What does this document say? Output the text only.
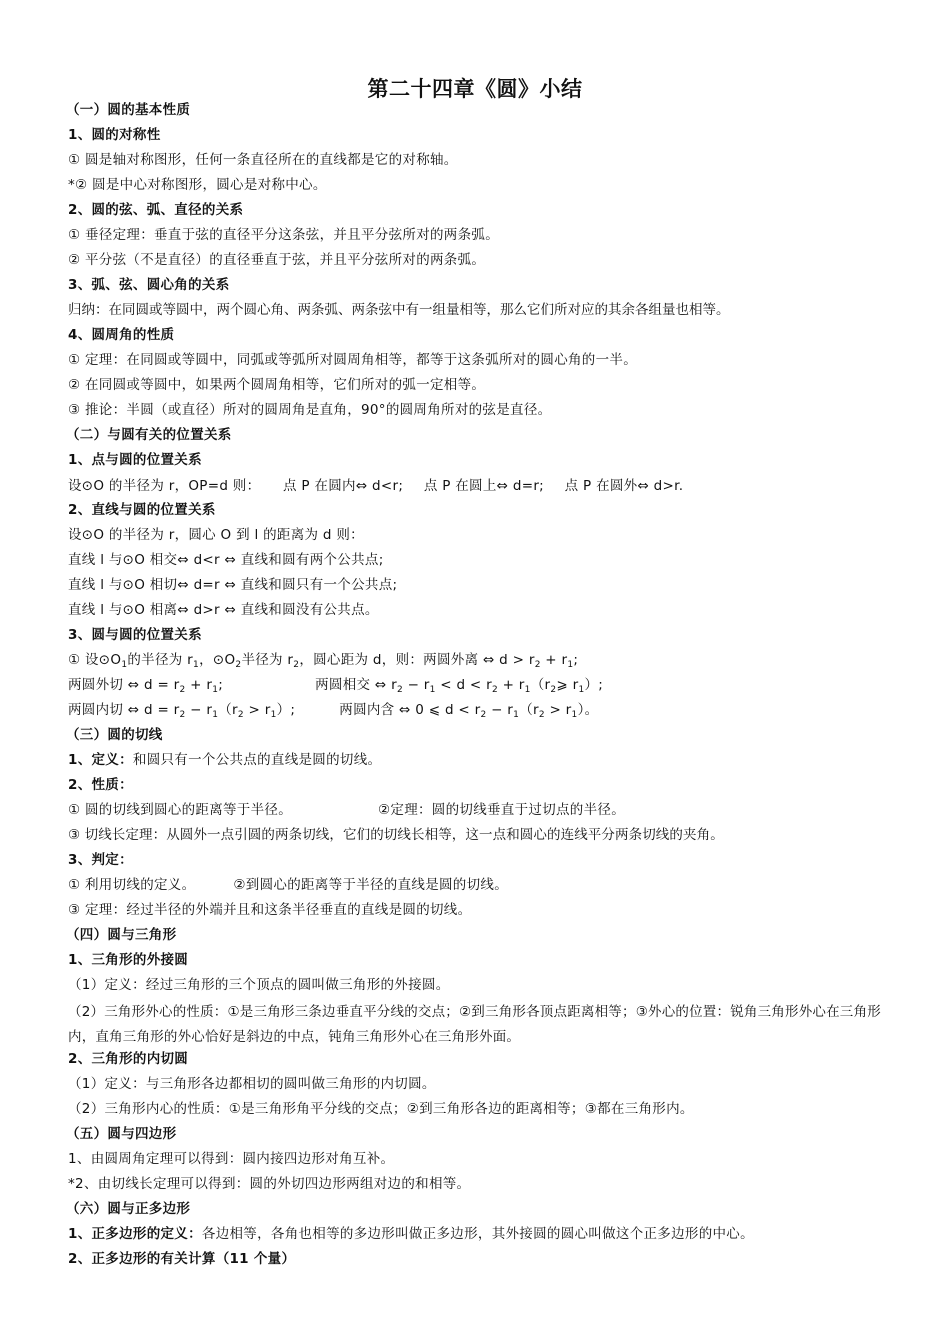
第二十四章《圆》小结
（一）圆的基本性质
1、圆的对称性
① 圆是轴对称图形，任何一条直径所在的直线都是它的对称轴。
*② 圆是中心对称图形，圆心是对称中心。
2、圆的弦、弧、直径的关系
① 垂径定理：垂直于弦的直径平分这条弦，并且平分弦所对的两条弧。
② 平分弦（不是直径）的直径垂直于弦，并且平分弦所对的两条弧。
3、弧、弦、圆心角的关系
归纳：在同圆或等圆中，两个圆心角、两条弧、两条弦中有一组量相等，那么它们所对应的其余各组量也相等。
4、圆周角的性质
① 定理：在同圆或等圆中，同弧或等弧所对圆周角相等，都等于这条弧所对的圆心角的一半。
② 在同圆或等圆中，如果两个圆周角相等，它们所对的弧一定相等。
③ 推论：半圆（或直径）所对的圆周角是直角，90°的圆周角所对的弦是直径。
（二）与圆有关的位置关系
1、点与圆的位置关系
设⊙O 的半径为 r，OP=d 则： 点 P 在圆内⇔ d<r; 点 P 在圆上⇔ d=r; 点 P 在圆外⇔ d>r.
2、直线与圆的位置关系
设⊙O 的半径为 r，圆心 O 到 l 的距离为 d 则：
直线 l 与⊙O 相交⇔ d<r ⇔ 直线和圆有两个公共点;
直线 l 与⊙O 相切⇔ d=r ⇔ 直线和圆只有一个公共点;
直线 l 与⊙O 相离⇔ d>r ⇔ 直线和圆没有公共点。
3、圆与圆的位置关系
① 设$⊙O_1$的半径为 $r_1$，$⊙O_2$半径为 $r_2$，圆心距为 d，则：两圆外离 ⇔ $d > r_2 + r_1$;
两圆外切 ⇔ $d = r_2 + r_1$;	两圆相交 ⇔ $r_2 - r_1 < d < r_2$ + $r_1(r_2⩾$ $r_1$）;
两圆内切 ⇔ $d = r_2 - r_1(r_2 > r_1)$;	两圆内含 ⇔ 0 ⩽ $d < r_2 - r_1(r_2 > r_1)$。
（三）圆的切线
1、定义：和圆只有一个公共点的直线是圆的切线。
2、性质：
① 圆的切线到圆心的距离等于半径。	②定理：圆的切线垂直于过切点的半径。
③ 切线长定理：从圆外一点引圆的两条切线，它们的切线长相等，这一点和圆心的连线平分两条切线的夹角。
3、判定：
① 利用切线的定义。	②到圆心的距离等于半径的直线是圆的切线。
③ 定理：经过半径的外端并且和这条半径垂直的直线是圆的切线。
（四）圆与三角形
1、三角形的外接圆
（1）定义：经过三角形的三个顶点的圆叫做三角形的外接圆。
（2）三角形外心的性质：①是三角形三条边垂直平分线的交点；②到三角形各顶点距离相等；③外心的位置：锐角三角形外心在三角形内，直角三角形的外心恰好是斜边的中点，钝角三角形外心在三角形外面。
2、三角形的内切圆
（1）定义：与三角形各边都相切的圆叫做三角形的内切圆。
（2）三角形内心的性质：①是三角形角平分线的交点；②到三角形各边的距离相等；③都在三角形内。
（五）圆与四边形
1、由圆周角定理可以得到：圆内接四边形对角互补。
*2、由切线长定理可以得到：圆的外切四边形两组对边的和相等。
（六）圆与正多边形
1、正多边形的定义：各边相等，各角也相等的多边形叫做正多边形，其外接圆的圆心叫做这个正多边形的中心。
2、正多边形的有关计算（11 个量）
